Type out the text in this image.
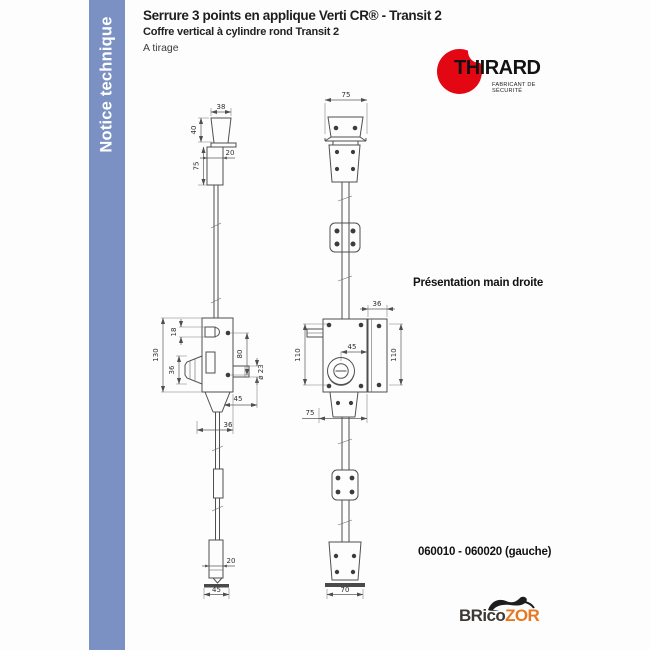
Notice technique

Serrure 3 points en applique Verti CR® - Transit 2

Coffre vertical à cylindre rond Transit 2

A tirage

THIRARD
FABRICANT DE SÉCURITÉ
Présentation main droite
060010 - 060020 (gauche)
BRicoZOR
38
40
75
20
18
36
130	80
ø 23
45
36
20
45
75
45
110
36
110
75
70
